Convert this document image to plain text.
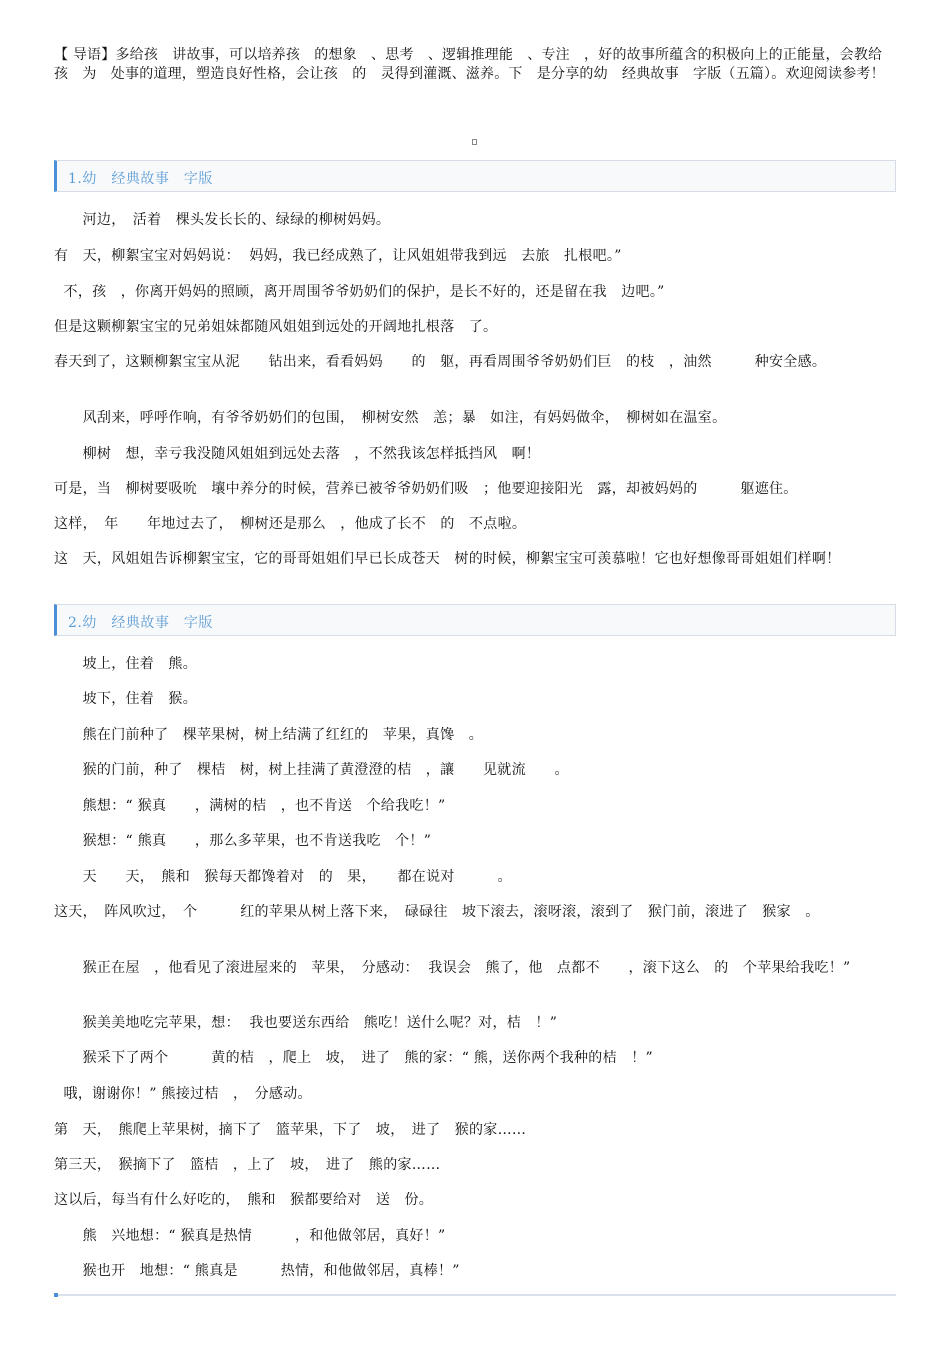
【 导语】多给孩　讲故事，可以培养孩　的想象　、思考　、逻辑推理能　、专注　，好的故事所蕴含的积极向上的正能量，会教给孩　为　处事的道理，塑造良好性格，会让孩　的　灵得到灌溉、滋养。下　是分享的幼　经典故事　字版（五篇）。欢迎阅读参考！
1.幼　经典故事　字版
　　河边，　活着　棵头发长长的、绿绿的柳树妈妈。
有　天，柳絮宝宝对妈妈说：  妈妈，我已经成熟了，让风姐姐带我到远　去旅　扎根吧。”
不，孩　，你离开妈妈的照顾，离开周围爷爷奶奶们的保护，是长不好的，还是留在我　边吧。”
但是这颗柳絮宝宝的兄弟姐妹都随风姐姐到远处的开阔地扎根落　了。
春天到了，这颗柳絮宝宝从泥　　钻出来，看看妈妈　　的　躯，再看周围爷爷奶奶们巨　的枝　，油然　　　种安全感。
　　风刮来，呼呼作响，有爷爷奶奶们的包围，　柳树安然　恙；暴　如注，有妈妈做伞，　柳树如在温室。
　　柳树　想，幸亏我没随风姐姐到远处去落　，不然我该怎样抵挡风　啊！
可是，当　柳树要吸吮　壤中养分的时候，营养已被爷爷奶奶们吸　；他要迎接阳光　露，却被妈妈的　　　躯遮住。
这样，　年　　年地过去了，　柳树还是那么　，他成了长不　的　不点啦。
这　天，风姐姐告诉柳絮宝宝，它的哥哥姐姐们早已长成苍天　树的时候，柳絮宝宝可羡慕啦！它也好想像哥哥姐姐们样啊！
2.幼　经典故事　字版
　　坡上，住着　熊。
　　坡下，住着　猴。
　　熊在门前种了　棵苹果树，树上结满了红红的　苹果，真馋　。
　　猴的门前，种了　棵桔　树，树上挂满了黄澄澄的桔　，讓　　见就流　　。
　　熊想：“ 猴真　　，满树的桔　，也不肯送　个给我吃！”
　　猴想：“ 熊真　　，那么多苹果，也不肯送我吃　个！”
　　天　　天，　熊和　猴每天都馋着对　的　果，　　都在说对　　　。
这天，　阵风吹过，　个　　　红的苹果从树上落下来，　碌碌往　坡下滚去，滚呀滚，滚到了　猴门前，滚进了　猴家　。
　　猴正在屋　，他看见了滚进屋来的　苹果，　分感动：  我误会　熊了，他　点都不　　，滚下这么　的　个苹果给我吃！”
　　猴美美地吃完苹果，想：  我也要送东西给　熊吃！送什么呢？对，桔　！”
　　猴采下了两个　　　黄的桔　，爬上　坡，　进了　熊的家：“ 熊，送你两个我种的桔　！”
哦，谢谢你！” 熊接过桔　，　分感动。
第　天，　熊爬上苹果树，摘下了　篮苹果，下了　坡，　进了　猴的家……
第三天，　猴摘下了　篮桔　，上了　坡，　进了　熊的家……
这以后，每当有什么好吃的，　熊和　猴都要给对　送　份。
　　熊　兴地想：“ 猴真是热情　　　，和他做邻居，真好！”
　　猴也开　地想：“ 熊真是　　　热情，和他做邻居，真棒！”
